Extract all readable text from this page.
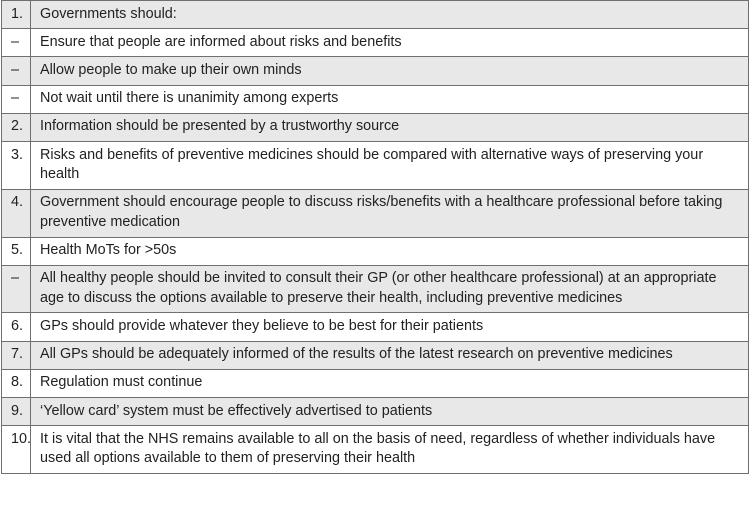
1.	Governments should:
–	Ensure that people are informed about risks and benefits
–	Allow people to make up their own minds
–	Not wait until there is unanimity among experts
2.	Information should be presented by a trustworthy source
3.	Risks and benefits of preventive medicines should be compared with alternative ways of preserving your health
4.	Government should encourage people to discuss risks/benefits with a healthcare professional before taking preventive medication
5.	Health MoTs for >50s
–	All healthy people should be invited to consult their GP (or other healthcare professional) at an appropriate age to discuss the options available to preserve their health, including preventive medicines
6.	GPs should provide whatever they believe to be best for their patients
7.	All GPs should be adequately informed of the results of the latest research on preventive medicines
8.	Regulation must continue
9.	‘Yellow card’ system must be effectively advertised to patients
10.	It is vital that the NHS remains available to all on the basis of need, regardless of whether individuals have used all options available to them of preserving their health
